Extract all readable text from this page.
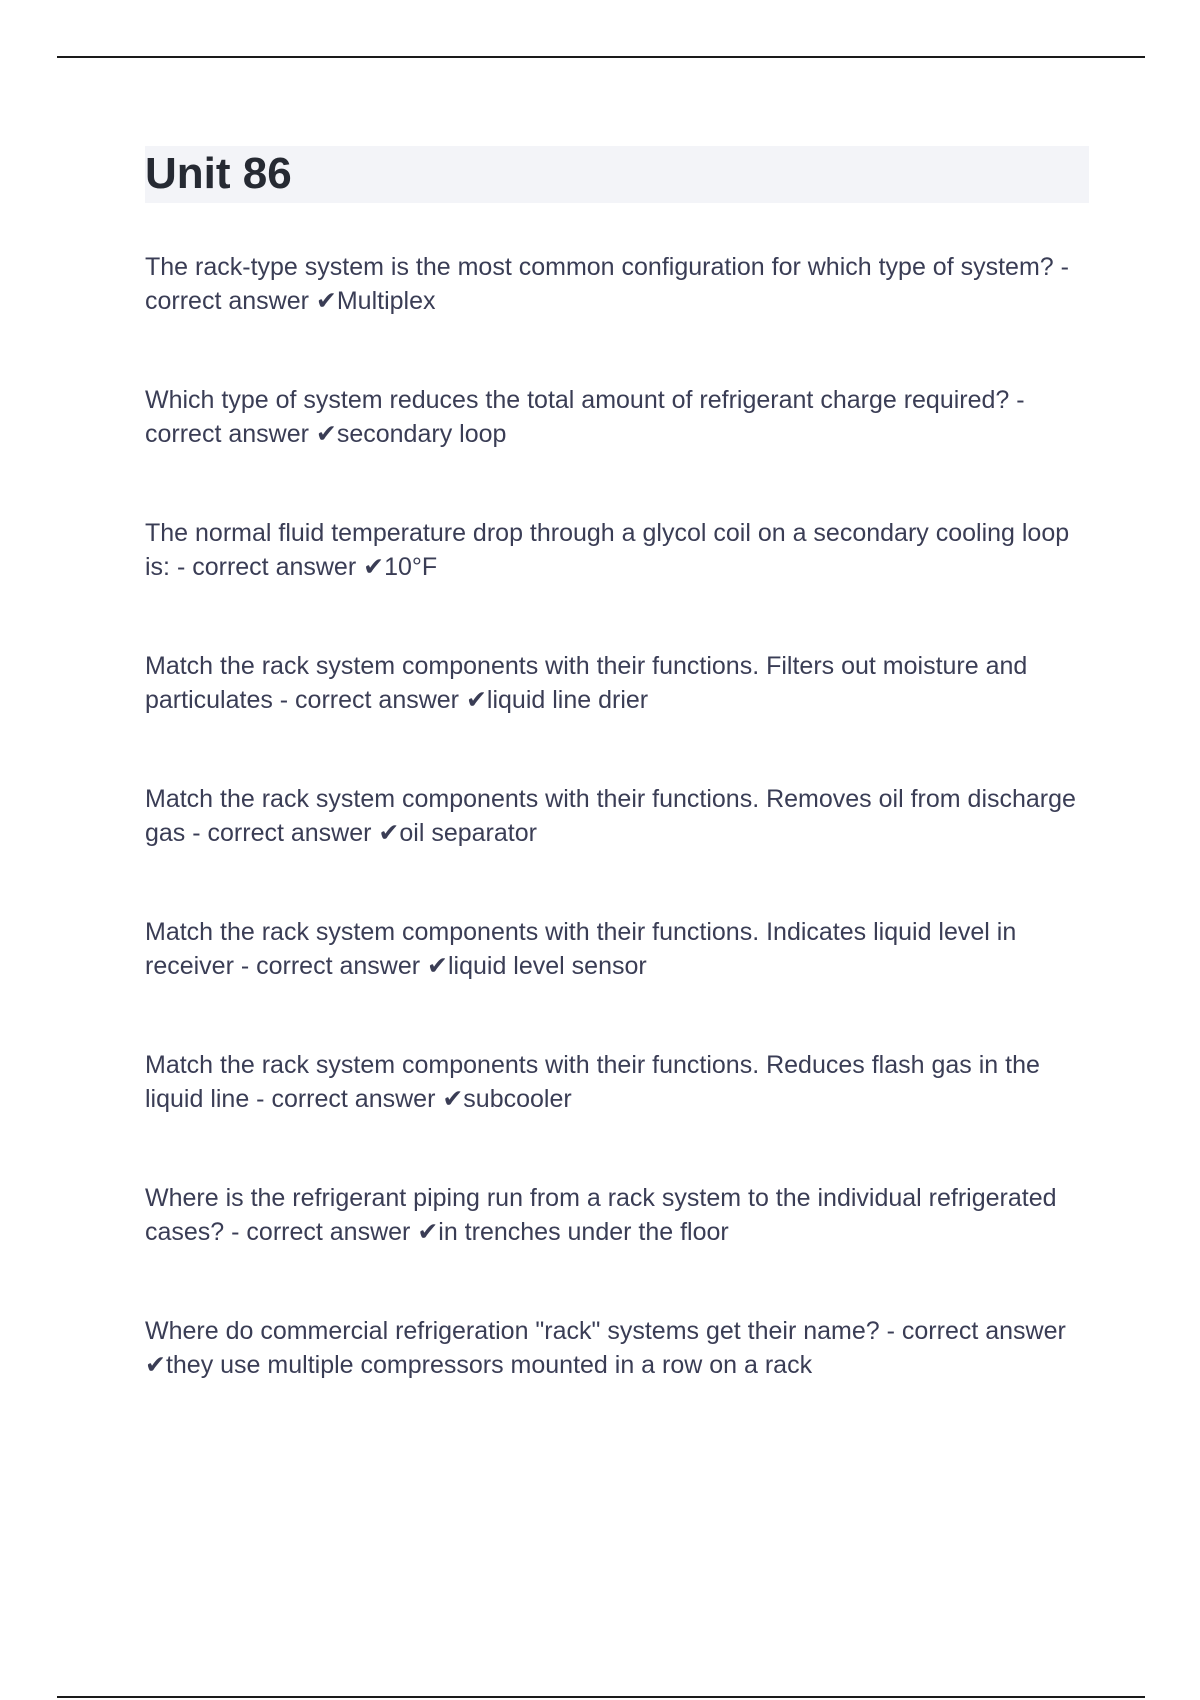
Unit 86

The rack-type system is the most common configuration for which type of system? - correct answer ✔Multiplex

Which type of system reduces the total amount of refrigerant charge required? - correct answer ✔secondary loop

The normal fluid temperature drop through a glycol coil on a secondary cooling loop is: - correct answer ✔10°F

Match the rack system components with their functions. Filters out moisture and particulates - correct answer ✔liquid line drier

Match the rack system components with their functions. Removes oil from discharge gas - correct answer ✔oil separator

Match the rack system components with their functions. Indicates liquid level in receiver - correct answer ✔liquid level sensor

Match the rack system components with their functions. Reduces flash gas in the liquid line - correct answer ✔subcooler

Where is the refrigerant piping run from a rack system to the individual refrigerated cases? - correct answer ✔in trenches under the floor

Where do commercial refrigeration "rack" systems get their name? - correct answer ✔they use multiple compressors mounted in a row on a rack
